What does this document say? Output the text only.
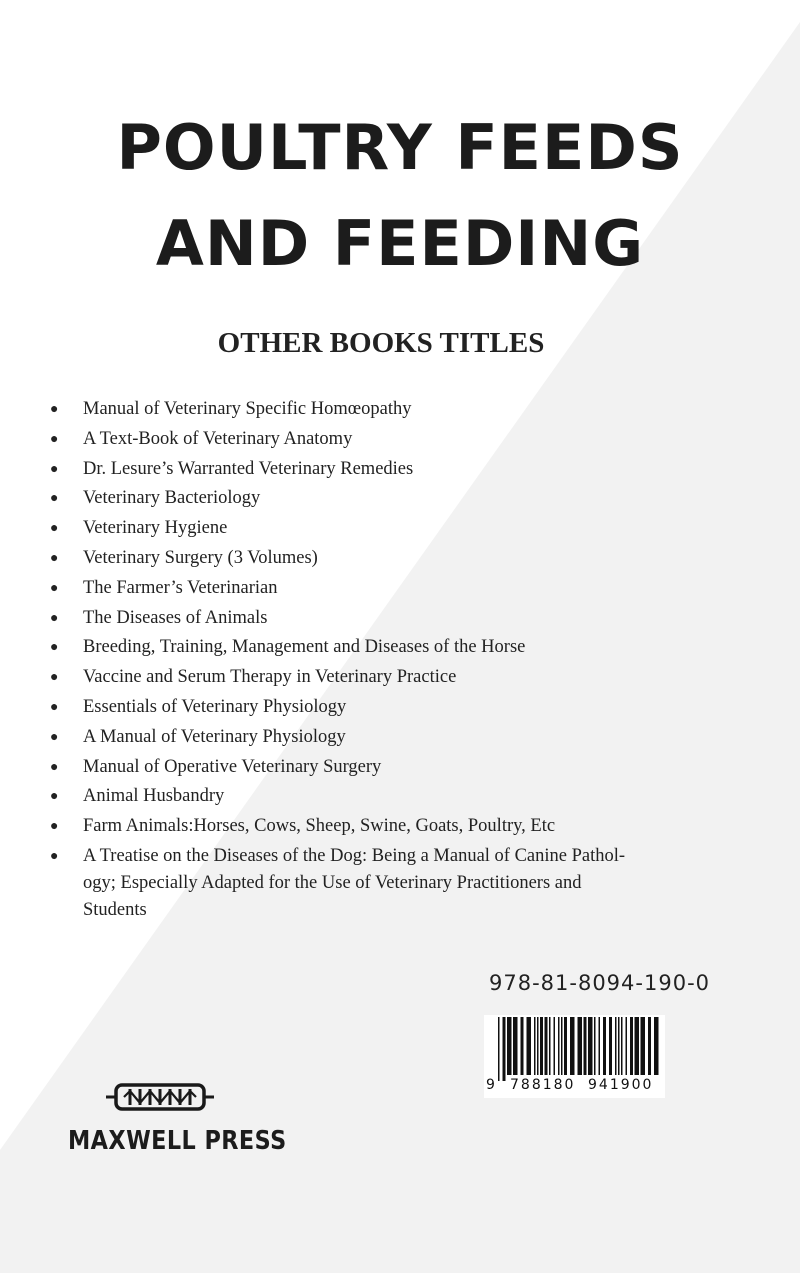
POULTRY FEEDS
AND FEEDING
OTHER BOOKS TITLES
● Manual of Veterinary Specific Homœopathy
● A Text-Book of Veterinary Anatomy
● Dr. Lesure’s Warranted Veterinary Remedies
● Veterinary Bacteriology
● Veterinary Hygiene
● Veterinary Surgery (3 Volumes)
● The Farmer’s Veterinarian
● The Diseases of Animals
● Breeding, Training, Management and Diseases of the Horse
● Vaccine and Serum Therapy in Veterinary Practice
● Essentials of Veterinary Physiology
● A Manual of Veterinary Physiology
● Manual of Operative Veterinary Surgery
● Animal Husbandry
● Farm Animals:Horses, Cows, Sheep, Swine, Goats, Poultry, Etc
● A Treatise on the Diseases of the Dog: Being a Manual of Canine Pathol-ogy; Especially Adapted for the Use of Veterinary Practitioners and Students
978-81-8094-190-0
9 788180 941900
MAXWELL PRESS
